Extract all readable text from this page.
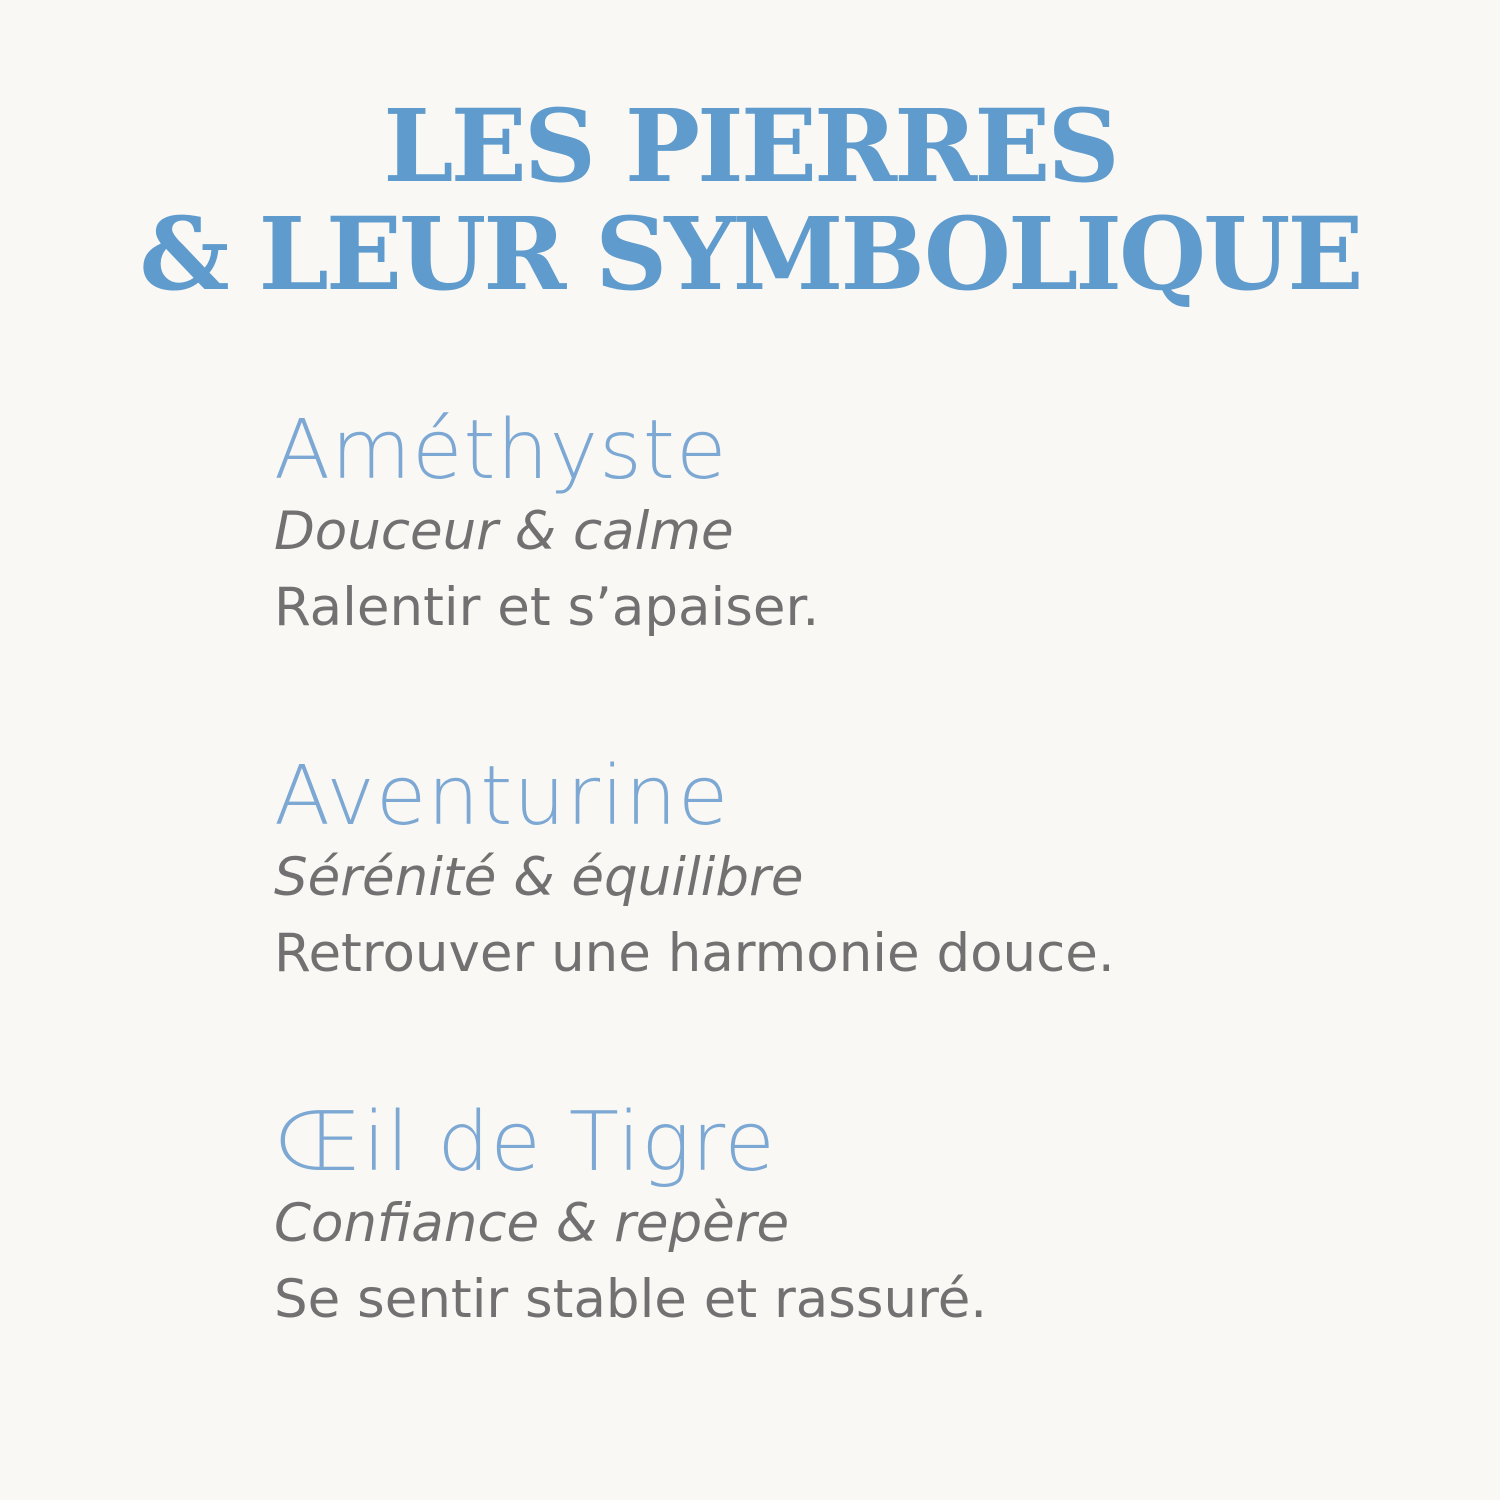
LES PIERRES
& LEUR SYMBOLIQUE
Améthyste
Douceur & calme
Ralentir et s’apaiser.
Aventurine
Sérénité & équilibre
Retrouver une harmonie douce.
Œil de Tigre
Confiance & repère
Se sentir stable et rassuré.
